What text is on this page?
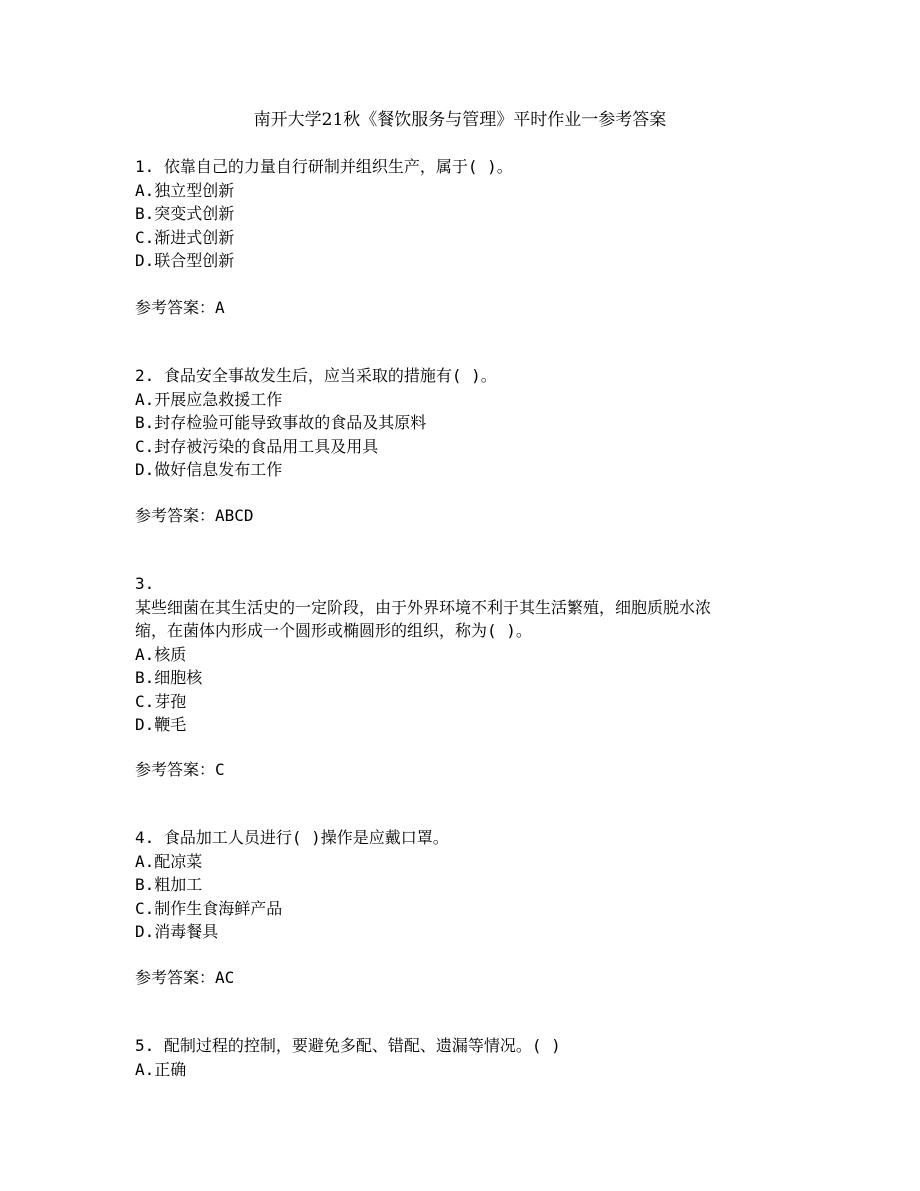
南开大学21秋《餐饮服务与管理》平时作业一参考答案
1. 依靠自己的力量自行研制并组织生产，属于( )。
A.独立型创新
B.突变式创新
C.渐进式创新
D.联合型创新
参考答案：A
2. 食品安全事故发生后，应当采取的措施有( )。
A.开展应急救援工作
B.封存检验可能导致事故的食品及其原料
C.封存被污染的食品用工具及用具
D.做好信息发布工作
参考答案：ABCD
3.
某些细菌在其生活史的一定阶段，由于外界环境不利于其生活繁殖，细胞质脱水浓
缩，在菌体内形成一个圆形或椭圆形的组织，称为( )。
A.核质
B.细胞核
C.芽孢
D.鞭毛
参考答案：C
4. 食品加工人员进行( )操作是应戴口罩。
A.配凉菜
B.粗加工
C.制作生食海鲜产品
D.消毒餐具
参考答案：AC
5. 配制过程的控制，要避免多配、错配、遗漏等情况。( )
A.正确
